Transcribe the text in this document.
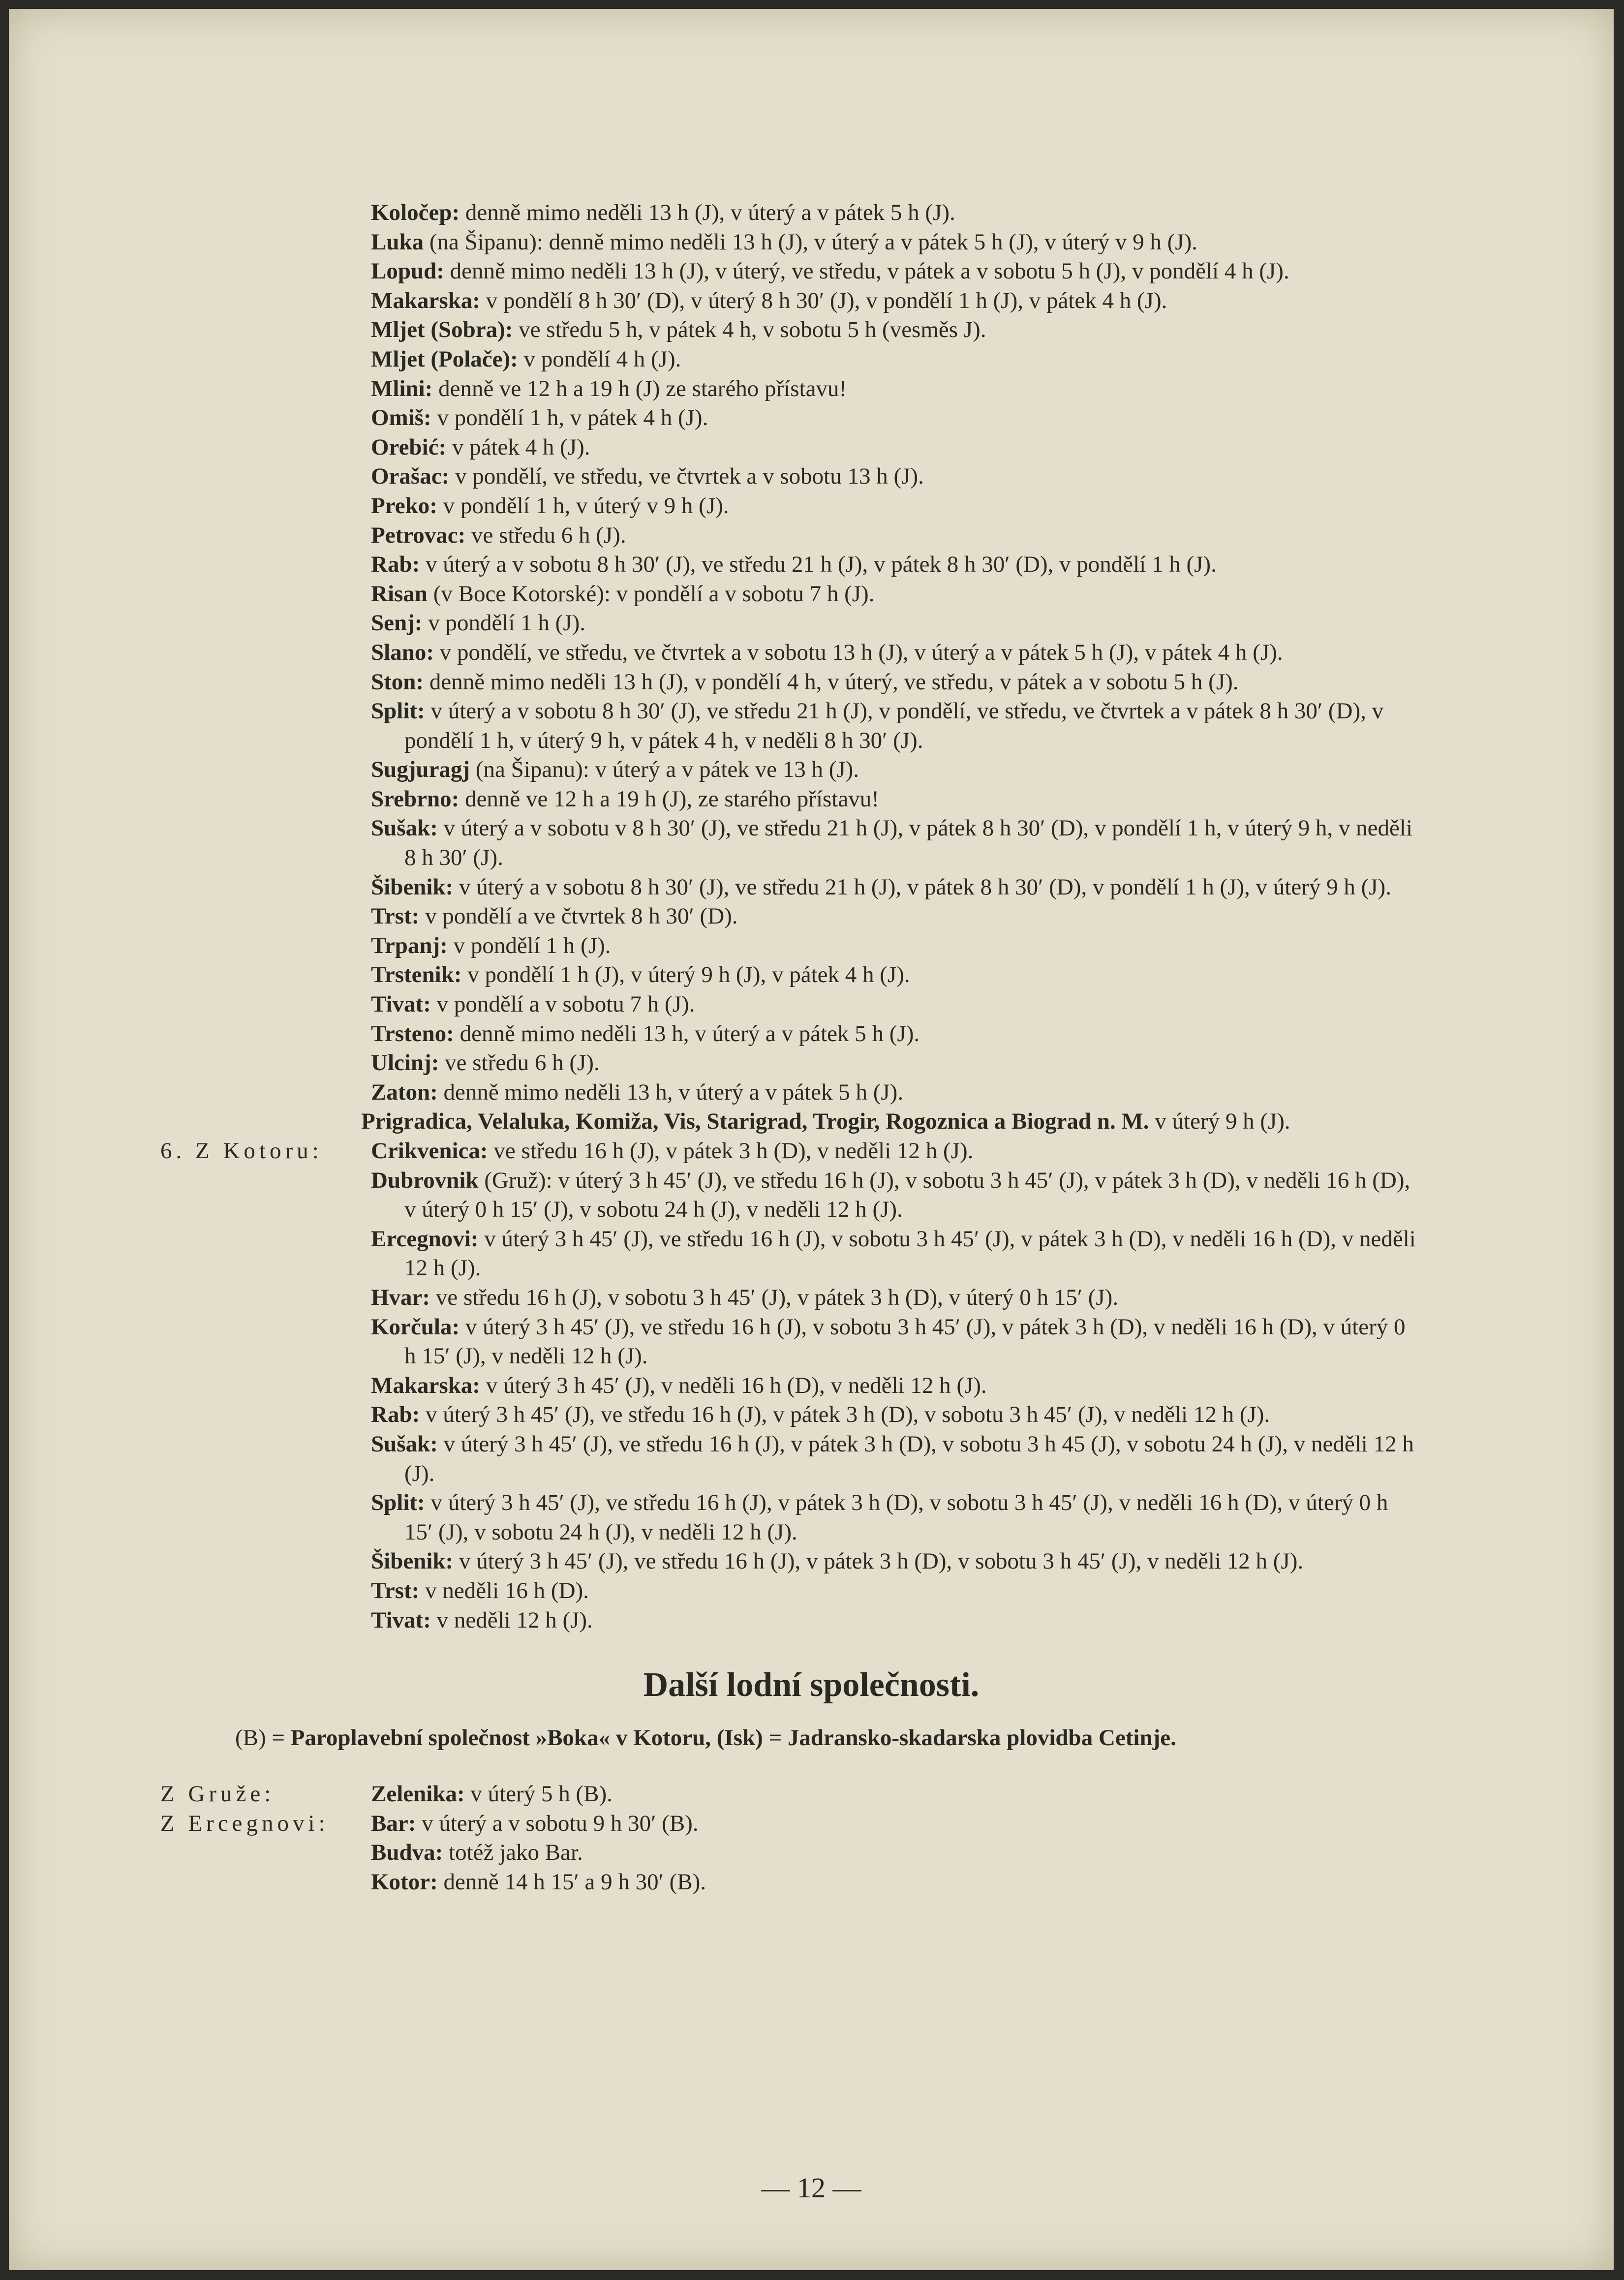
Koločep: denně mimo neděli 13 h (J), v úterý a v pátek 5 h (J).
Luka (na Šipanu): denně mimo neděli 13 h (J), v úterý a v pátek 5 h (J), v úterý v 9 h (J).
Lopud: denně mimo neděli 13 h (J), v úterý, ve středu, v pátek a v sobotu 5 h (J), v pondělí 4 h (J).
Makarska: v pondělí 8 h 30′ (D), v úterý 8 h 30′ (J), v pondělí 1 h (J), v pátek 4 h (J).
Mljet (Sobra): ve středu 5 h, v pátek 4 h, v sobotu 5 h (vesměs J).
Mljet (Polače): v pondělí 4 h (J).
Mlini: denně ve 12 h a 19 h (J) ze starého přístavu!
Omiš: v pondělí 1 h, v pátek 4 h (J).
Orebić: v pátek 4 h (J).
Orašac: v pondělí, ve středu, ve čtvrtek a v sobotu 13 h (J).
Preko: v pondělí 1 h, v úterý v 9 h (J).
Petrovac: ve středu 6 h (J).
Rab: v úterý a v sobotu 8 h 30′ (J), ve středu 21 h (J), v pátek 8 h 30′ (D), v pondělí 1 h (J).
Risan (v Boce Kotorské): v pondělí a v sobotu 7 h (J).
Senj: v pondělí 1 h (J).
Slano: v pondělí, ve středu, ve čtvrtek a v sobotu 13 h (J), v úterý a v pátek 5 h (J), v pátek 4 h (J).
Ston: denně mimo neděli 13 h (J), v pondělí 4 h, v úterý, ve středu, v pátek a v sobotu 5 h (J).
Split: v úterý a v sobotu 8 h 30′ (J), ve středu 21 h (J), v pondělí, ve středu, ve čtvrtek a v pátek 8 h 30′ (D), v pondělí 1 h, v úterý 9 h, v pátek 4 h, v neděli 8 h 30′ (J).
Sugjuragj (na Šipanu): v úterý a v pátek ve 13 h (J).
Srebrno: denně ve 12 h a 19 h (J), ze starého přístavu!
Sušak: v úterý a v sobotu v 8 h 30′ (J), ve středu 21 h (J), v pátek 8 h 30′ (D), v pondělí 1 h, v úterý 9 h, v neděli 8 h 30′ (J).
Šibenik: v úterý a v sobotu 8 h 30′ (J), ve středu 21 h (J), v pátek 8 h 30′ (D), v pondělí 1 h (J), v úterý 9 h (J).
Trst: v pondělí a ve čtvrtek 8 h 30′ (D).
Trpanj: v pondělí 1 h (J).
Trstenik: v pondělí 1 h (J), v úterý 9 h (J), v pátek 4 h (J).
Tivat: v pondělí a v sobotu 7 h (J).
Trsteno: denně mimo neděli 13 h, v úterý a v pátek 5 h (J).
Ulcinj: ve středu 6 h (J).
Zaton: denně mimo neděli 13 h, v úterý a v pátek 5 h (J).
Prigradica, Velaluka, Komiža, Vis, Starigrad, Trogir, Rogoznica a Biograd n. M. v úterý 9 h (J).
6. Z Kotoru: Crikvenica: ve středu 16 h (J), v pátek 3 h (D), v neděli 12 h (J).
Dubrovnik (Gruž): v úterý 3 h 45′ (J), ve středu 16 h (J), v sobotu 3 h 45′ (J), v pátek 3 h (D), v neděli 16 h (D), v úterý 0 h 15′ (J), v sobotu 24 h (J), v neděli 12 h (J).
Ercegnovi: v úterý 3 h 45′ (J), ve středu 16 h (J), v sobotu 3 h 45′ (J), v pátek 3 h (D), v neděli 16 h (D), v neděli 12 h (J).
Hvar: ve středu 16 h (J), v sobotu 3 h 45′ (J), v pátek 3 h (D), v úterý 0 h 15′ (J).
Korčula: v úterý 3 h 45′ (J), ve středu 16 h (J), v sobotu 3 h 45′ (J), v pátek 3 h (D), v neděli 16 h (D), v úterý 0 h 15′ (J), v neděli 12 h (J).
Makarska: v úterý 3 h 45′ (J), v neděli 16 h (D), v neděli 12 h (J).
Rab: v úterý 3 h 45′ (J), ve středu 16 h (J), v pátek 3 h (D), v sobotu 3 h 45′ (J), v neděli 12 h (J).
Sušak: v úterý 3 h 45′ (J), ve středu 16 h (J), v pátek 3 h (D), v sobotu 3 h 45 (J), v sobotu 24 h (J), v neděli 12 h (J).
Split: v úterý 3 h 45′ (J), ve středu 16 h (J), v pátek 3 h (D), v sobotu 3 h 45′ (J), v neděli 16 h (D), v úterý 0 h 15′ (J), v sobotu 24 h (J), v neděli 12 h (J).
Šibenik: v úterý 3 h 45′ (J), ve středu 16 h (J), v pátek 3 h (D), v sobotu 3 h 45′ (J), v neděli 12 h (J).
Trst: v neděli 16 h (D).
Tivat: v neděli 12 h (J).
Další lodní společnosti.
(B) = Paroplavební společnost »Boka« v Kotoru, (Isk) = Jadransko-skadarska plovidba Cetinje.
Z Gruže:	Zelenika: v úterý 5 h (B).
Z Ercegnovi: Bar: v úterý a v sobotu 9 h 30′ (B).
Budva: totéž jako Bar.
Kotor: denně 14 h 15′ a 9 h 30′ (B).
— 12 —
